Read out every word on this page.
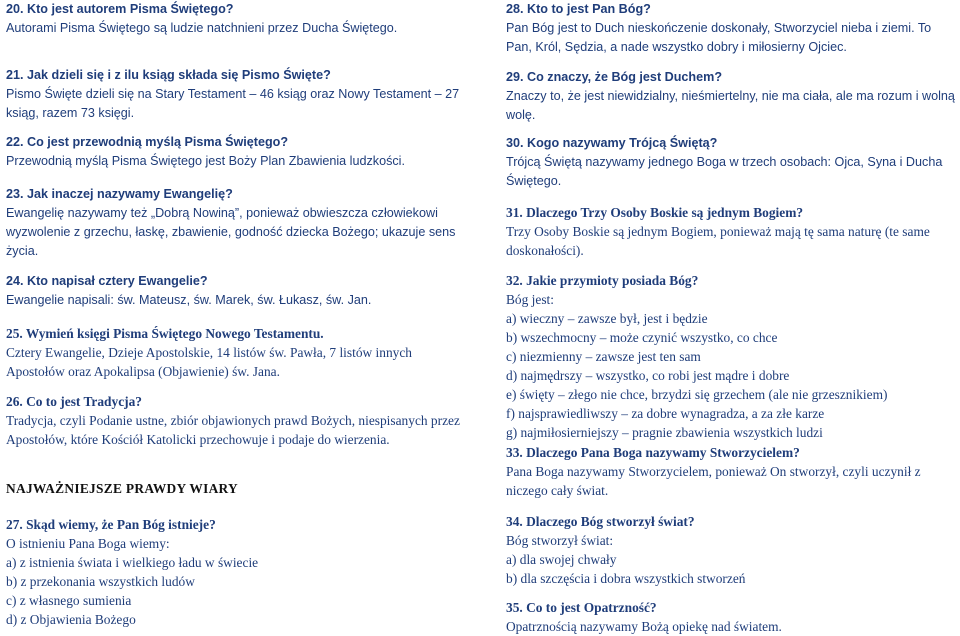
20. Kto jest autorem Pisma Świętego?
Autorami Pisma Świętego są ludzie natchnieni przez Ducha Świętego.
21. Jak dzieli się i z ilu ksiąg składa się Pismo Święte?
Pismo Święte dzieli się na Stary Testament – 46 ksiąg oraz Nowy Testament – 27 ksiąg, razem 73 księgi.
22. Co jest przewodnią myślą Pisma Świętego?
Przewodnią myślą Pisma Świętego jest Boży Plan Zbawienia ludzkości.
23. Jak inaczej nazywamy Ewangelię?
Ewangelię nazywamy też „Dobrą Nowiną”, ponieważ obwieszcza człowiekowi wyzwolenie z grzechu, łaskę, zbawienie, godność dziecka Bożego; ukazuje sens życia.
24. Kto napisał cztery Ewangelie?
Ewangelie napisali: św. Mateusz, św. Marek, św. Łukasz, św. Jan.
25. Wymień księgi Pisma Świętego Nowego Testamentu.
Cztery Ewangelie, Dzieje Apostolskie, 14 listów św. Pawła, 7 listów innych Apostołów oraz Apokalipsa (Objawienie) św. Jana.
26. Co to jest Tradycja?
Tradycja, czyli Podanie ustne, zbiór objawionych prawd Bożych, niespisanych przez Apostołów, które Kościół Katolicki przechowuje i podaje do wierzenia.
NAJWAŻNIEJSZE PRAWDY WIARY
27. Skąd wiemy, że Pan Bóg istnieje?
O istnieniu Pana Boga wiemy:
a) z istnienia świata i wielkiego ładu w świecie
b) z przekonania wszystkich ludów
c) z własnego sumienia
d) z Objawienia Bożego
28. Kto to jest Pan Bóg?
Pan Bóg jest to Duch nieskończenie doskonały, Stworzyciel nieba i ziemi. To Pan, Król, Sędzia, a nade wszystko dobry i miłosierny Ojciec.
29. Co znaczy, że Bóg jest Duchem?
Znaczy to, że jest niewidzialny, nieśmiertelny, nie ma ciała, ale ma rozum i wolną wolę.
30. Kogo nazywamy Trójcą Świętą?
Trójcą Świętą nazywamy jednego Boga w trzech osobach: Ojca, Syna i Ducha Świętego.
31. Dlaczego Trzy Osoby Boskie są jednym Bogiem?
Trzy Osoby Boskie są jednym Bogiem, ponieważ mają tę sama naturę (te same doskonałości).
32. Jakie przymioty posiada Bóg?
Bóg jest:
a) wieczny – zawsze był, jest i będzie
b) wszechmocny – może czynić wszystko, co chce
c) niezmienny – zawsze jest ten sam
d) najmędrszy – wszystko, co robi jest mądre i dobre
e) święty – złego nie chce, brzydzi się grzechem (ale nie grzesznikiem)
f) najsprawiedliwszy – za dobre wynagradza, a za złe karze
g) najmiłosierniejszy – pragnie zbawienia wszystkich ludzi
33. Dlaczego Pana Boga nazywamy Stworzycielem?
Pana Boga nazywamy Stworzycielem, ponieważ On stworzył, czyli uczynił z niczego cały świat.
34. Dlaczego Bóg stworzył świat?
Bóg stworzył świat:
a) dla swojej chwały
b) dla szczęścia i dobra wszystkich stworzeń
35. Co to jest Opatrzność?
Opatrznością nazywamy Bożą opiekę nad światem.
